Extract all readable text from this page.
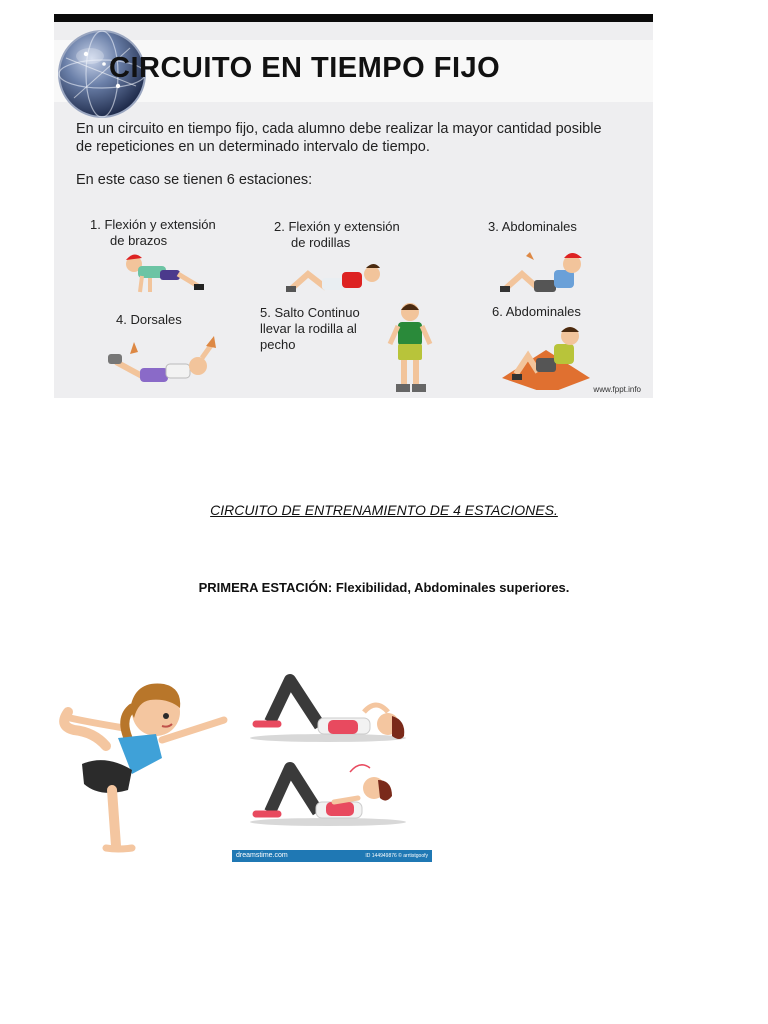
CIRCUITO EN TIEMPO FIJO
En un circuito en tiempo fijo, cada alumno debe realizar la mayor cantidad posible de repeticiones en un determinado intervalo de tiempo.
En este caso se tienen 6 estaciones:
1. Flexión y extensión
de brazos
2. Flexión y extensión
de rodillas
3. Abdominales
4. Dorsales	5. Salto Continuo
llevar la rodilla al
pecho
6. Abdominales
www.fppt.info
CIRCUITO DE ENTRENAMIENTO DE 4 ESTACIONES.
PRIMERA ESTACIÓN: Flexibilidad, Abdominales superiores.
dreamstime.com	ID 144949876 © arrtistgoofy
